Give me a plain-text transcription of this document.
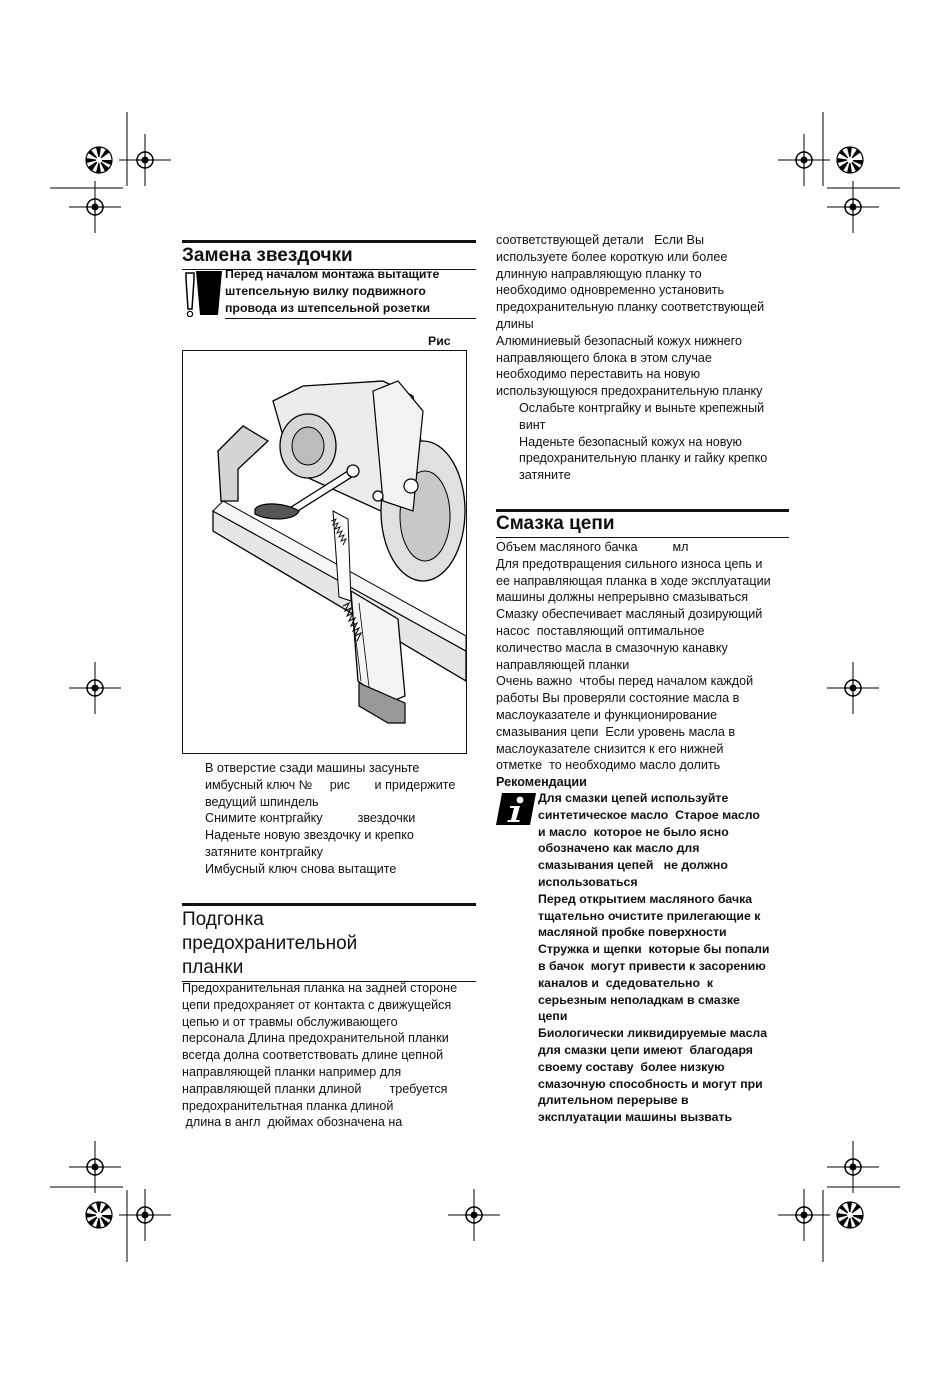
Замена звездочки

Перед началом монтажа вытащите

штепсельную вилку подвижного

провода из штепсельной розетки

Рис

В отверстие сзади машины засуньте

имбусный ключ №     рис       и придержите

ведущий шпиндель

Снимите контргайку          звездочки

Наденьте новую звездочку и крепко

затяните контргайку

Имбусный ключ снова вытащите

Подгонка
предохранительной
планки

Предохранительная планка на задней стороне

цепи предохраняет от контакта с движущейся

цепью и от травмы обслуживающего

персонала Длина предохранительной планки

всегда долна соответствовать длине цепной

направляющей планки например для

направляющей планки длиной        требуется

предохранительтная планка длиной

длина в англ  дюймах обозначена на

соответствующей детали   Если Вы

используете более короткую или более

длинную направляющую планку то

необходимо одновременно установить

предохранительную планку соответствующей

длины

Алюминиевый безопасный кожух нижнего

направляющего блока в этом случае

необходимо переставить на новую

использующуюся предохранительную планку

Ослабьте контргайку и выньте крепежный

винт

Наденьте безопасный кожух на новую

предохранительную планку и гайку крепко

затяните

Смазка цепи

Объем масляного бачка          мл

Для предотвращения сильного износа цепь и

ее направляющая планка в ходе эксплуатации

машины должны непрерывно смазываться

Смазку обеспечивает масляный дозирующий

насос  поставляющий оптимальное

количество масла в смазочную канавку

направляющей планки

Очень важно  чтобы перед началом каждой

работы Вы проверяли состояние масла в

маслоуказателе и функционирование

смазывания цепи  Если уровень масла в

маслоуказателе снизится к его нижней

отметке  то необходимо масло долить

Рекомендации

Для смазки цепей используйте

синтетическое масло  Старое масло

и масло  которое не было ясно

обозначено как масло для

смазывания цепей   не должно

использоваться

Перед открытием масляного бачка

тщательно очистите прилегающие к

масляной пробке поверхности

Стружка и щепки  которые бы попали

в бачок  могут привести к засорению

каналов и  сдедовательно  к

серьезным неполадкам в смазке

цепи

Биологически ликвидируемые масла

для смазки цепи имеют  благодаря

своему составу  более низкую

смазочную способность и могут при

длительном перерыве в

эксплуатации машины вызвать
